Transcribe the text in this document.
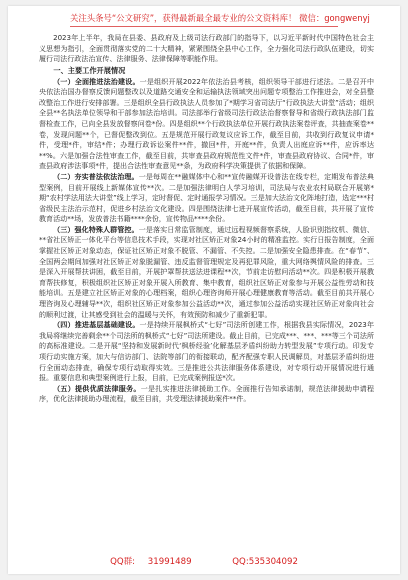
关注头条号“公文研究”，获得最新最全最专业的公文资料库！ 微信：gongwenyj

2023年上半年，我局在县委、县政府及上级司法行政部门的指导下，以习近平新时代中国特色社会主义思想为指引，全面贯彻落实党的二十大精神，紧紧围绕全县中心工作，全力强化司法行政队伍建设，切实履行司法行政法治宣传、法律服务、法律保障等职能作用。

一、主要工作开展情况

（一）全面推进法治建设。一是组织开展2022年依法治县考核，组织领导干部进行述法。二是召开中央依法治国办督察反馈问题整改以及道路交通安全和运输执法领域突出问题专项整治工作推进会，对全县整改整治工作进行安排部署。三是组织全县行政执法人员参加了*期学习省司法厅“行政执法大讲堂”活动；组织全县**名执法单位领导和干部参加法治培训。司法部举行省级司法行政法治督察督导和省级行政执法部门监督检查工作，已向全县发放督察问卷*份。四是组织**个行政执法单位开展行政执法案卷评查，共抽查案卷**卷，发现问题**个，已督促整改到位。五是规范开展行政复议应诉工作，截至目前，共收到行政复议申请*件，受理*件，审结*件；办理行政诉讼案件**件，撤回*件，开庭**件，负责人出庭应诉**件，应诉率达**%。六是加强合法性审查工作，截至目前，共审查县政府规范性文件*件，审查县政府协议、合同*件，审查县政府涉法事项*件，提出合法性审查意见**条，为政府科学决策提供了依据和保障。

（二）夯实普法依法治理。一是每周在**融媒体中心和**宣传融媒开设普法在线专栏，定期发布普法典型案例，目前开展线上新媒体宣传**次。二是加强法律明白人学习培训，司法局与农业农村局联合开展第*期“农村学法用法大讲堂”线上学习，定时督促、定时通报学习情况。三是加大法治文化阵地打造，选定***村省级民主法治示范村，促进乡村法治文化建设。四是围绕法律七进开展宣传活动，截至目前，共开展了宣传教育活动**场，发放普法书籍****余份，宣传物品****余份。

（三）强化特殊人群管控。一是落实日常监管制度，通过远程视频督察系统，人脸识别指纹机、微信、**省社区矫正一体化平台等信息技术手段，实现对社区矫正对象24小时的精准监控。实行日报告制度，全面掌握社区矫正对象动态，保证社区矫正对象不脱管、不漏管、不失控。二是加强安全隐患排查。在“春节”、全国两会期间加强对社区矫正对象脱漏管、违反监督管理规定及再犯罪风险，重大网络舆情风险的排查。三是深入开展帮扶讲困，截至目前，开展护罩帮扶送法进课程**次，节前走访慰问活动**次。四是积极开展教育帮扶修复，积极组织社区矫正对象开展入所教育、集中教育，组织社区矫正对象参与开展公益性劳动和技能培训。五是建立社区矫正对象的心理档案，组织心理咨询师开展心理健康教育等活动。截至目前共开展心理咨询及心理辅导**次，组织社区矫正对象参加公益活动**次，通过参加公益活动实现社区矫正对象向社会的顺利过渡，让其感受到社会的温暖与关怀，有效预防和减少了重新犯罪。

（四）推进基层基础建设。一是持续开展枫桥式“七好”司法所创建工作，根据我县实际情况，2023年我局将继续完善剩余**个司法所的枫桥式“七好”司法所建设。截止目前，已完成***、***、***等三个司法所的高标准建设。二是开展“坚持和发展新时代‘枫桥经验’化解基层矛盾纠纷助力转型发展”专项行动。印发专项行动实施方案，加大与信访部门、法院等部门的衔接联动，配齐配强专职人民调解员，对基层矛盾纠纷进行全面动态排查，确保专项行动取得实效。三是推进公共法律服务体系建设，对专项行动开展情况进行通报。重要信息和典型案例进行上报，目前，已完成案例报送*次。

（五）提供优质法律服务。一是扎实推进法律援助工作。全面推行告知承诺制，规范法律援助申请程序，优化法律援助办理流程，截至目前，共受理法律援助案件**件。

QQ群: 31991489	QQ:535304092
